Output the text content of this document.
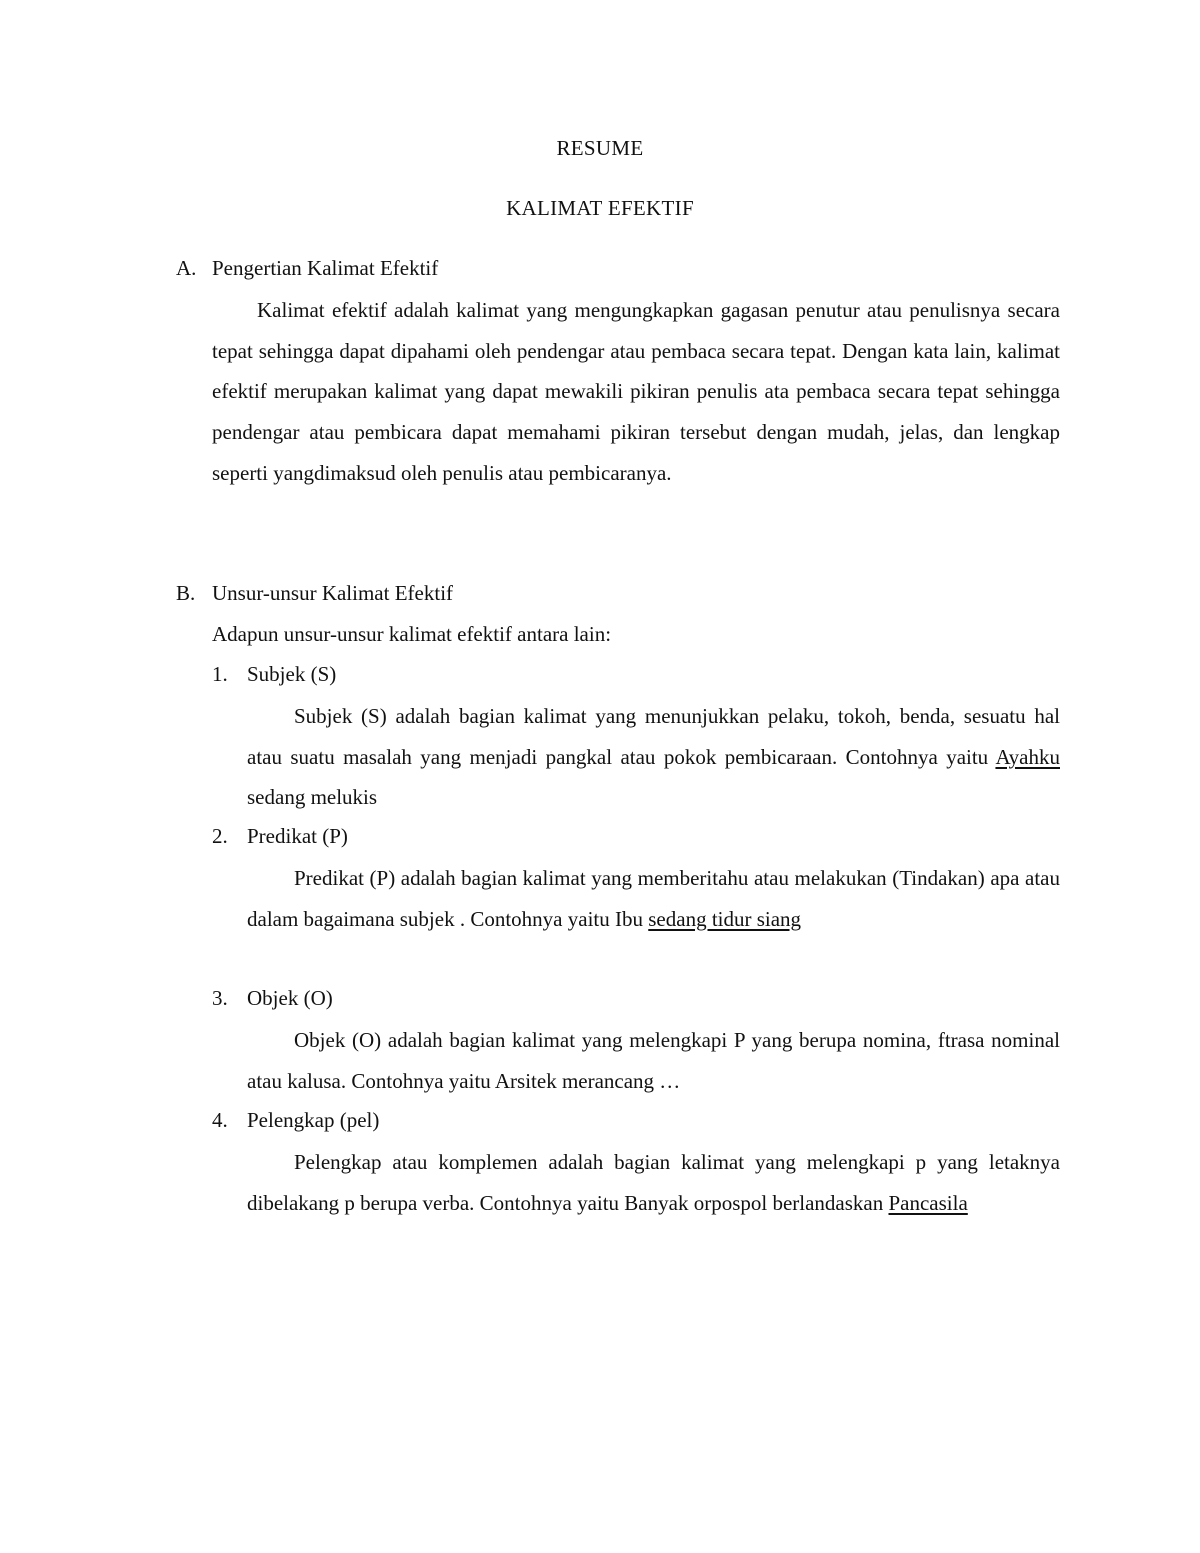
RESUME
KALIMAT EFEKTIF
A. Pengertian Kalimat Efektif
Kalimat efektif adalah kalimat yang mengungkapkan gagasan penutur atau penulisnya secara tepat sehingga dapat dipahami oleh pendengar atau pembaca secara tepat. Dengan kata lain, kalimat efektif merupakan kalimat yang dapat mewakili pikiran penulis ata pembaca secara tepat sehingga pendengar atau pembicara dapat memahami pikiran tersebut dengan mudah, jelas, dan lengkap seperti yangdimaksud oleh penulis atau pembicaranya.
B. Unsur-unsur Kalimat Efektif
Adapun unsur-unsur kalimat efektif antara lain:
1. Subjek (S)
Subjek (S) adalah bagian kalimat yang menunjukkan pelaku, tokoh, benda, sesuatu hal atau suatu masalah yang menjadi pangkal atau pokok pembicaraan. Contohnya yaitu Ayahku sedang melukis
2. Predikat (P)
Predikat (P) adalah bagian kalimat yang memberitahu atau melakukan (Tindakan) apa atau dalam bagaimana subjek . Contohnya yaitu Ibu sedang tidur siang
3. Objek (O)
Objek (O) adalah bagian kalimat yang melengkapi P yang berupa nomina, ftrasa nominal atau kalusa. Contohnya yaitu Arsitek merancang …
4. Pelengkap (pel)
Pelengkap atau komplemen adalah bagian kalimat yang melengkapi p yang letaknya dibelakang p berupa verba. Contohnya yaitu Banyak orpospol berlandaskan Pancasila
